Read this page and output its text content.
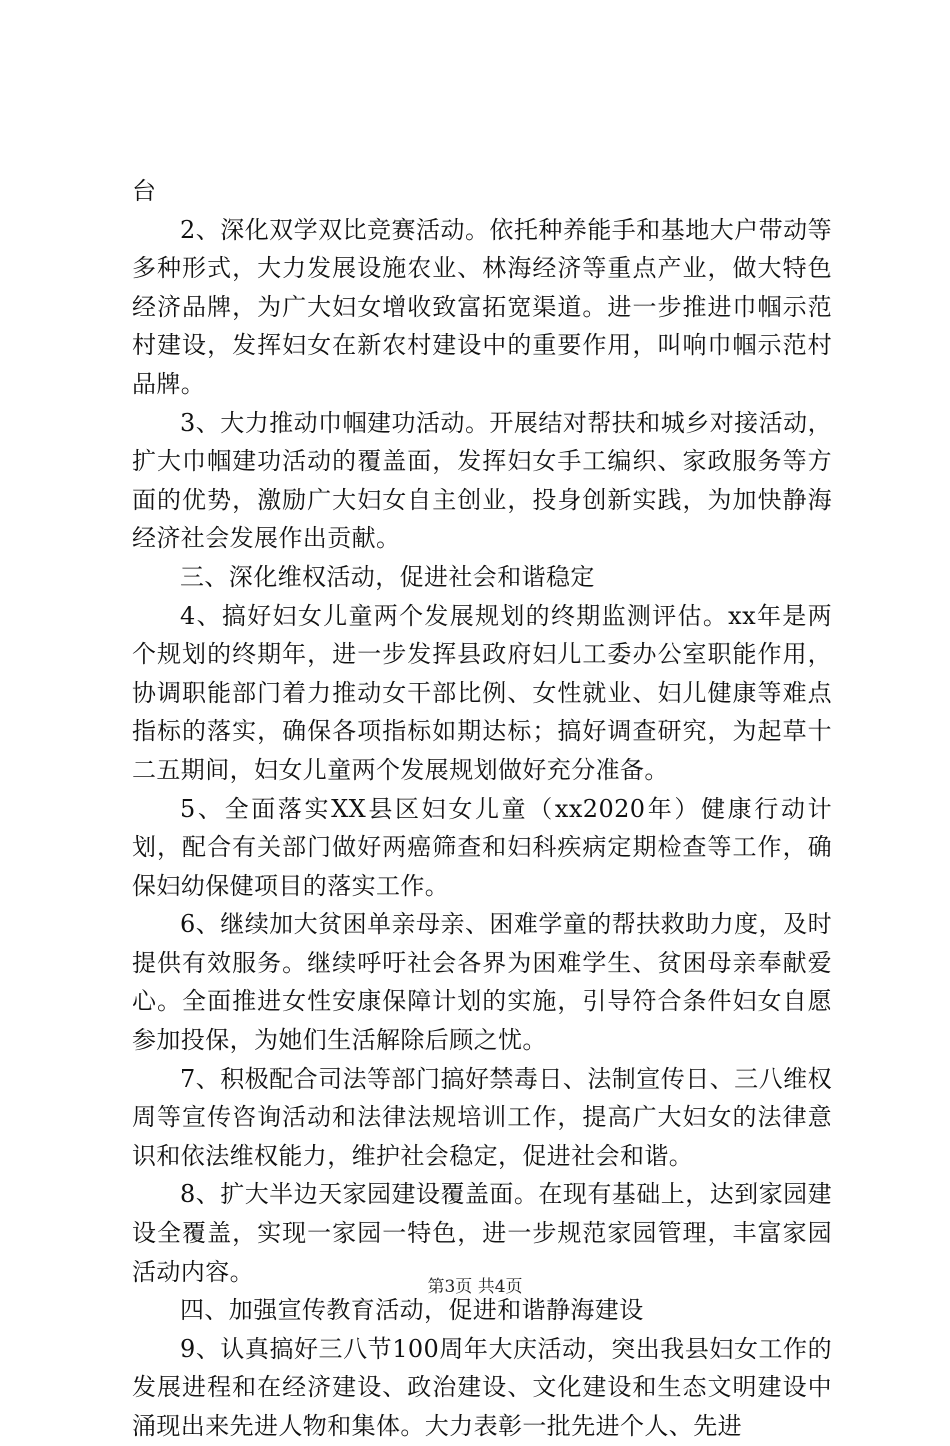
台

2、深化双学双比竞赛活动。依托种养能手和基地大户带动等多种形式，大力发展设施农业、林海经济等重点产业，做大特色经济品牌，为广大妇女增收致富拓宽渠道。进一步推进巾帼示范村建设，发挥妇女在新农村建设中的重要作用，叫响巾帼示范村品牌。

3、大力推动巾帼建功活动。开展结对帮扶和城乡对接活动，扩大巾帼建功活动的覆盖面，发挥妇女手工编织、家政服务等方面的优势，激励广大妇女自主创业，投身创新实践，为加快静海经济社会发展作出贡献。

三、深化维权活动，促进社会和谐稳定

4、搞好妇女儿童两个发展规划的终期监测评估。xx年是两个规划的终期年，进一步发挥县政府妇儿工委办公室职能作用，协调职能部门着力推动女干部比例、女性就业、妇儿健康等难点指标的落实，确保各项指标如期达标；搞好调查研究，为起草十二五期间，妇女儿童两个发展规划做好充分准备。

5、全面落实XX县区妇女儿童（xx2020年）健康行动计划，配合有关部门做好两癌筛查和妇科疾病定期检查等工作，确保妇幼保健项目的落实工作。

6、继续加大贫困单亲母亲、困难学童的帮扶救助力度，及时提供有效服务。继续呼吁社会各界为困难学生、贫困母亲奉献爱心。全面推进女性安康保障计划的实施，引导符合条件妇女自愿参加投保，为她们生活解除后顾之忧。

7、积极配合司法等部门搞好禁毒日、法制宣传日、三八维权周等宣传咨询活动和法律法规培训工作，提高广大妇女的法律意识和依法维权能力，维护社会稳定，促进社会和谐。

8、扩大半边天家园建设覆盖面。在现有基础上，达到家园建设全覆盖，实现一家园一特色，进一步规范家园管理，丰富家园活动内容。

四、加强宣传教育活动，促进和谐静海建设

9、认真搞好三八节100周年大庆活动，突出我县妇女工作的发展进程和在经济建设、政治建设、文化建设和生态文明建设中涌现出来先进人物和集体。大力表彰一批先进个人、先进

第3页 共4页
